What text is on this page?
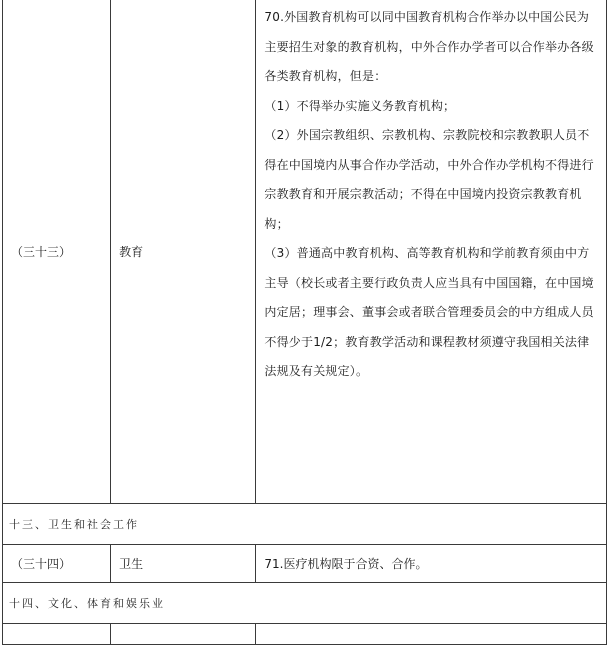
（三十三）	教育	70.外国教育机构可以同中国教育机构合作举办以中国公民为主要招生对象的教育机构，中外合作办学者可以合作举办各级各类教育机构，但是：

（1）不得举办实施义务教育机构；

（2）外国宗教组织、宗教机构、宗教院校和宗教教职人员不得在中国境内从事合作办学活动，中外合作办学机构不得进行宗教教育和开展宗教活动；不得在中国境内投资宗教教育机构；

（3）普通高中教育机构、高等教育机构和学前教育须由中方主导（校长或者主要行政负责人应当具有中国国籍，在中国境内定居；理事会、董事会或者联合管理委员会的中方组成人员不得少于1/2；教育教学活动和课程教材须遵守我国相关法律法规及有关规定）。

十三、卫生和社会工作		
（三十四）	卫生	71.医疗机构限于合资、合作。
十四、文化、体育和娱乐业		
